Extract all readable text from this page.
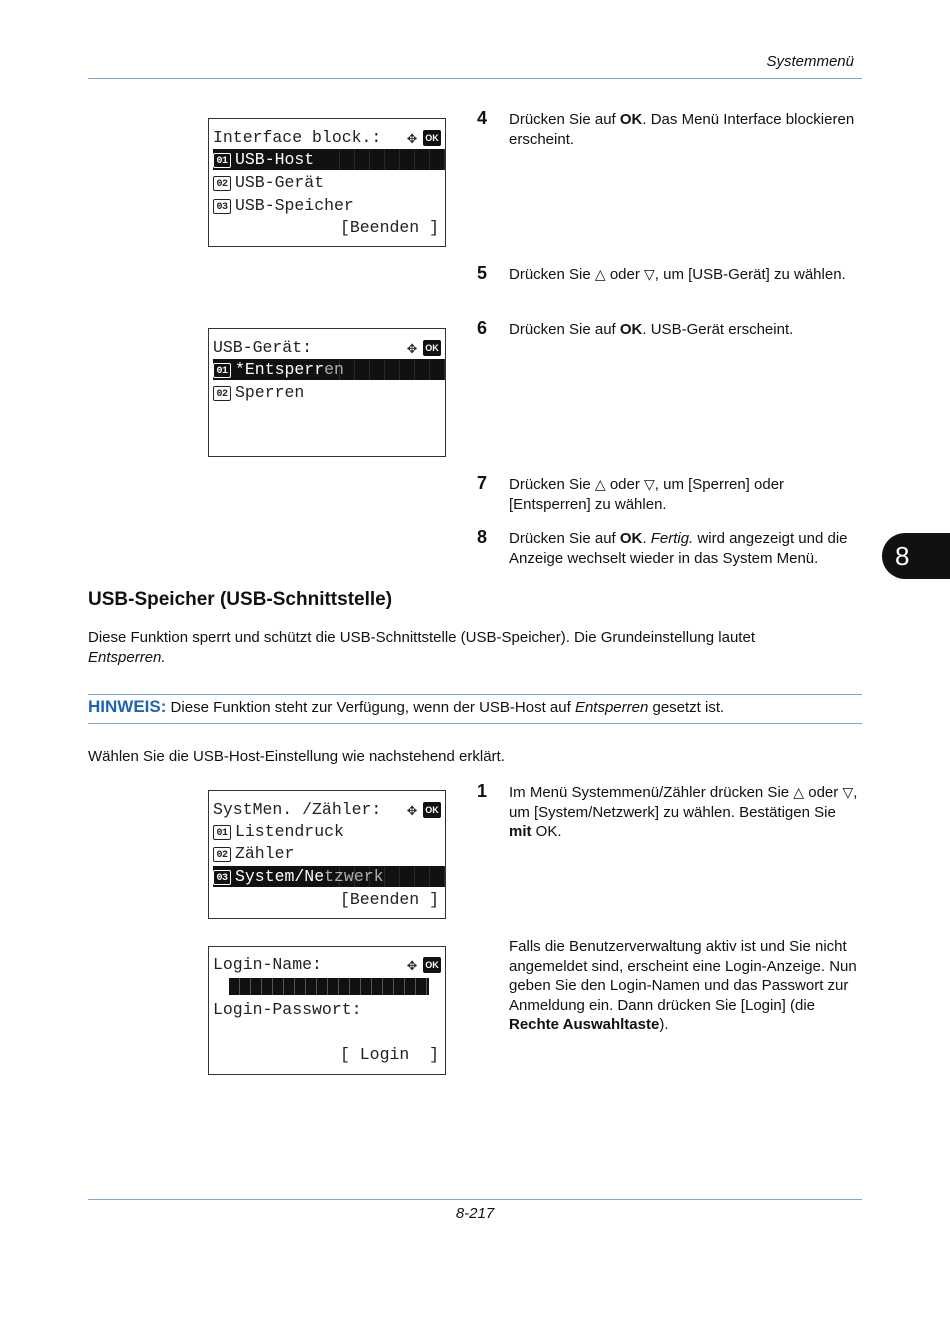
Systemmenü
Interface block.:	✥ OK
01 USB-Host
02 USB-Gerät
03 USB-Speicher
[Beenden ]
4 Drücken Sie auf OK. Das Menü Interface blockieren erscheint.
5 Drücken Sie △ oder ▽, um [USB-Gerät] zu wählen.
6 Drücken Sie auf OK. USB-Gerät erscheint.
USB-Gerät:	✥ OK
01 *Entsperren
02 Sperren
7 Drücken Sie △ oder ▽, um [Sperren] oder [Entsperren] zu wählen.
8 Drücken Sie auf OK. Fertig. wird angezeigt und die Anzeige wechselt wieder in das System Menü.	8
USB-Speicher (USB-Schnittstelle)
Diese Funktion sperrt und schützt die USB-Schnittstelle (USB-Speicher). Die Grundeinstellung lautet
Entsperren.
HINWEIS: Diese Funktion steht zur Verfügung, wenn der USB-Host auf Entsperren gesetzt ist.
Wählen Sie die USB-Host-Einstellung wie nachstehend erklärt.
1 Im Menü Systemmenü/Zähler drücken Sie △ oder ▽, um [System/Netzwerk] zu wählen. Bestätigen Sie mit OK.
SystMen. /Zähler:	✥ OK
01 Listendruck
02 Zähler
03 System/Netzwerk
[Beenden ]
Falls die Benutzerverwaltung aktiv ist und Sie nicht angemeldet sind, erscheint eine Login-Anzeige. Nun geben Sie den Login-Namen und das Passwort zur Anmeldung ein. Dann drücken Sie [Login] (die Rechte Auswahltaste).
Login-Name:	✥ OK
Login-Passwort:
[ Login  ]
8-217
